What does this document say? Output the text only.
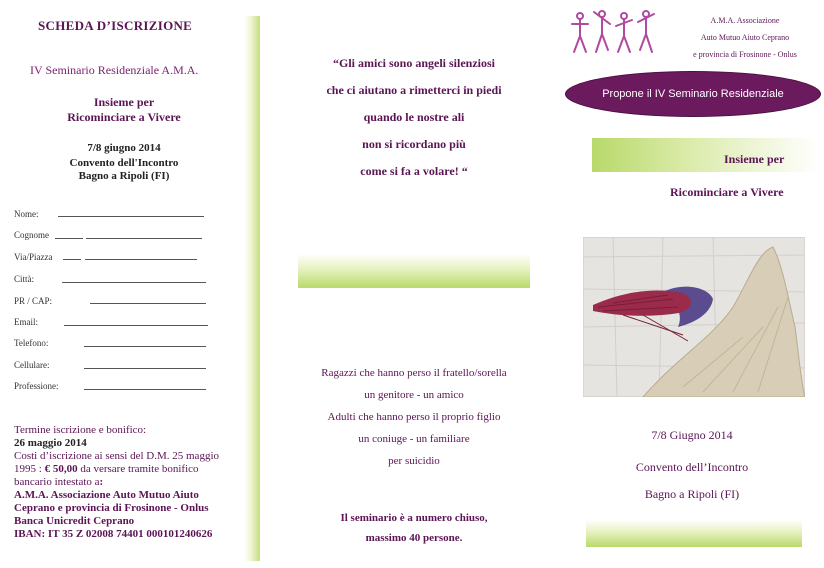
SCHEDA D’ISCRIZIONE
IV Seminario Residenziale A.M.A.
Insieme per
Ricominciare a Vivere
7/8 giugno 2014
Convento dell'Incontro
Bagno a Ripoli (FI)
Nome:
Cognome
Via/Piazza
Città:
PR / CAP:
Email:
Telefono:
Cellulare:
Professione:
Termine iscrizione e bonifico:
26 maggio 2014
Costi d’iscrizione ai sensi del D.M. 25 maggio
1995 : € 50,00 da versare tramite bonifico
bancario intestato a:
A.M.A. Associazione Auto Mutuo Aiuto
Ceprano e provincia di Frosinone - Onlus
Banca Unicredit Ceprano
IBAN: IT 35 Z 02008 74401 000101240626
“Gli amici sono angeli silenziosi
che ci aiutano a rimetterci in piedi
quando le nostre ali
non si ricordano più
come si fa a volare! “
Ragazzi che hanno perso il fratello/sorella
un genitore - un amico
Adulti che hanno perso il proprio figlio
un coniuge - un familiare
per suicidio
Il seminario è a numero chiuso,
massimo 40 persone.
A.M.A. Associazione
Auto Mutuo Aiuto Ceprano
e provincia di Frosinone - Onlus
Propone il IV Seminario Residenziale
Insieme per
Ricominciare a Vivere
7/8 Giugno 2014
Convento dell’Incontro
Bagno a Ripoli (FI)
